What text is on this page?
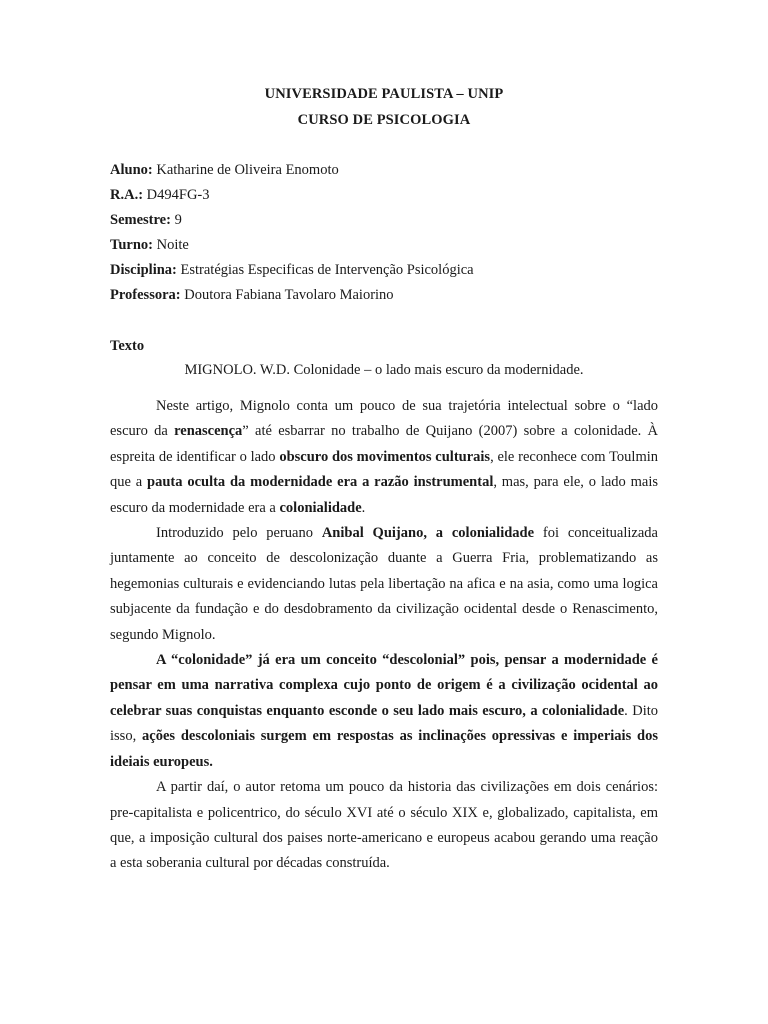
UNIVERSIDADE PAULISTA – UNIP
CURSO DE PSICOLOGIA
Aluno: Katharine de Oliveira Enomoto
R.A.: D494FG-3
Semestre: 9
Turno: Noite
Disciplina: Estratégias Especificas de Intervenção Psicológica
Professora: Doutora Fabiana Tavolaro Maiorino
Texto
MIGNOLO. W.D. Colonidade – o lado mais escuro da modernidade.

Neste artigo, Mignolo conta um pouco de sua trajetória intelectual sobre o “lado escuro da renascença” até esbarrar no trabalho de Quijano (2007) sobre a colonidade. À espreita de identificar o lado obscuro dos movimentos culturais, ele reconhece com Toulmin que a pauta oculta da modernidade era a razão instrumental, mas, para ele, o lado mais escuro da modernidade era a colonialidade.

Introduzido pelo peruano Anibal Quijano, a colonialidade foi conceitualizada juntamente ao conceito de descolonização duante a Guerra Fria, problematizando as hegemonias culturais e evidenciando lutas pela libertação na afica e na asia, como uma logica subjacente da fundação e do desdobramento da civilização ocidental desde o Renascimento, segundo Mignolo.

A “colonidade” já era um conceito “descolonial” pois, pensar a modernidade é pensar em uma narrativa complexa cujo ponto de origem é a civilização ocidental ao celebrar suas conquistas enquanto esconde o seu lado mais escuro, a colonialidade. Dito isso, ações descoloniais surgem em respostas as inclinações opressivas e imperiais dos ideiais europeus.

A partir daí, o autor retoma um pouco da historia das civilizações em dois cenários: pre-capitalista e policentrico, do século XVI até o século XIX e, globalizado, capitalista, em que, a imposição cultural dos paises norte-americano e europeus acabou gerando uma reação a esta soberania cultural por décadas construída.
